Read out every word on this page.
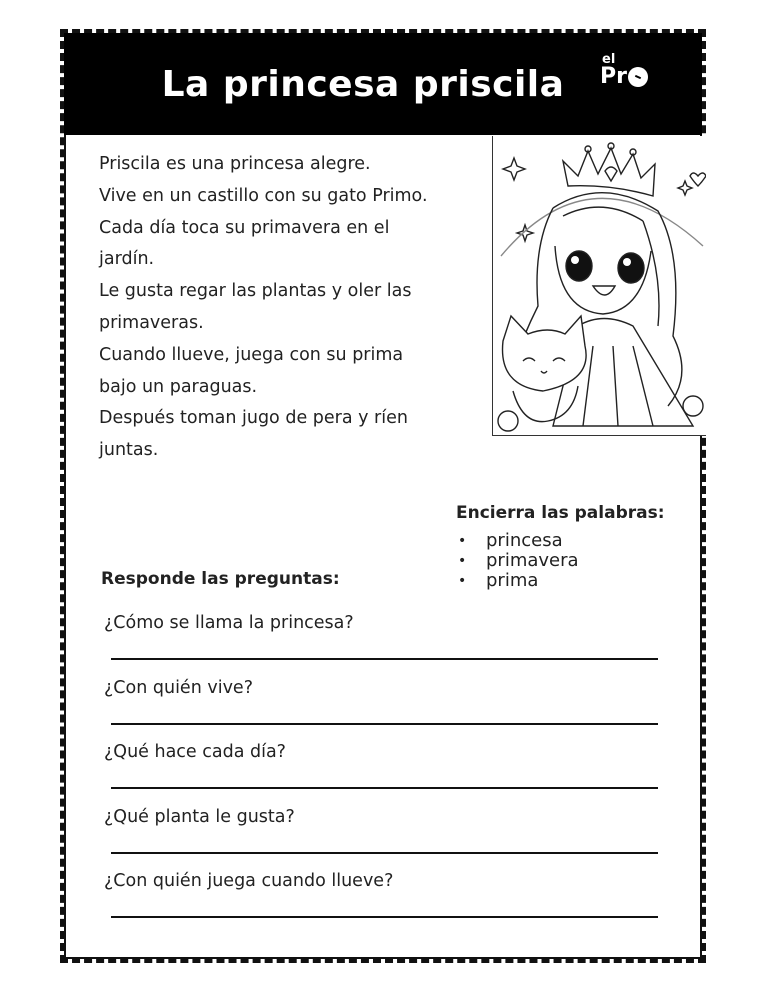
La princesa priscila
el
Pr

Priscila es una princesa alegre.

Vive en un castillo con su gato Primo.

Cada día toca su primavera en el

jardín.

Le gusta regar las plantas y oler las

primaveras.

Cuando llueve, juega con su prima

bajo un paraguas.

Después toman jugo de pera y ríen

juntas.

Encierra las palabras:
•	princesa
•	primavera
•	prima
Responde las preguntas:
¿Cómo se llama la princesa?
¿Con quién vive?
¿Qué hace cada día?
¿Qué planta le gusta?
¿Con quién juega cuando llueve?
